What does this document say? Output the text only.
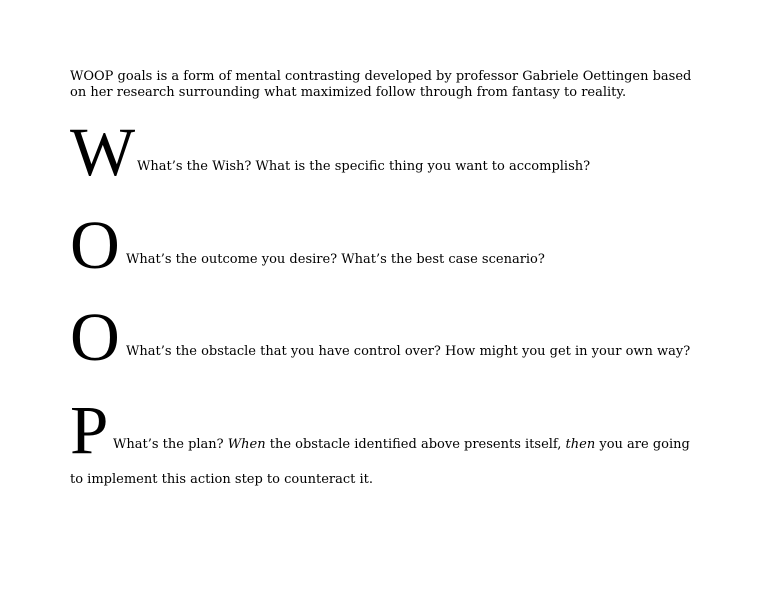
WOOP goals is a form of mental contrasting developed by professor Gabriele Oettingen based
on her research surrounding what maximized follow through from fantasy to reality.

W What’s the Wish? What is the specific thing you want to accomplish?
O What’s the outcome you desire? What’s the best case scenario?
O What’s the obstacle that you have control over? How might you get in your own way?
P What’s the plan? When the obstacle identified above presents itself, then you are going
to implement this action step to counteract it.
